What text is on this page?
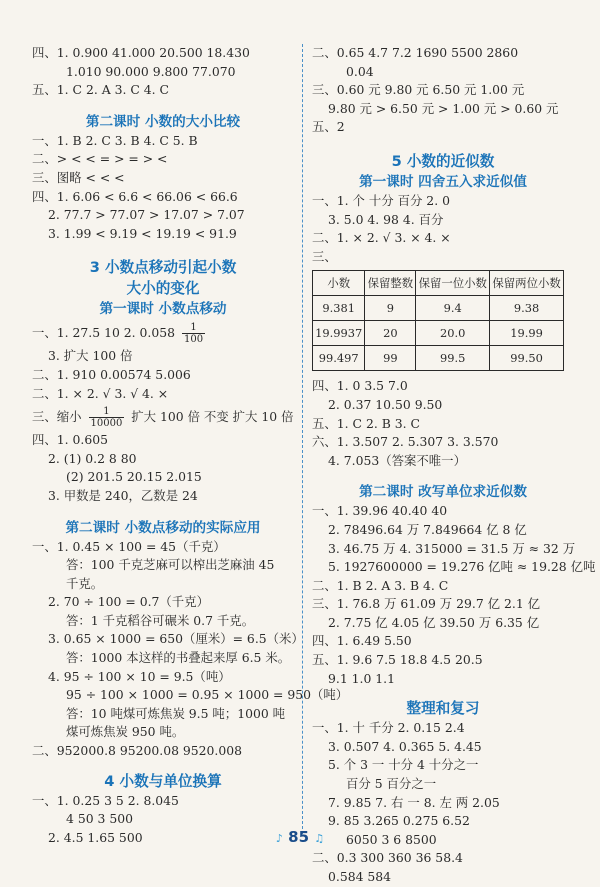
四、1. 0.900 41.000 20.500 18.430
1.010 90.000 9.800 77.070
五、1. C 2. A 3. C 4. C
第二课时 小数的大小比较
一、1. B 2. C 3. B 4. C 5. B
二、> < < = > = > <
三、图略 < < <
四、1. 6.06 < 6.6 < 66.06 < 66.6
2. 77.7 > 77.07 > 17.07 > 7.07
3. 1.99 < 9.19 < 19.19 < 91.9
3 小数点移动引起小数
大小的变化
第一课时 小数点移动
一、1. 27.5 10 2. $0.058 \frac{1}{100}$
3. 扩大 100 倍
二、1. 910 0.00574 5.006
二、1. × 2. √ 3. √ 4. ×
三、缩小 $\frac{1}{10000}$ 扩大 100 倍 不变 扩大 10 倍
四、1. 0.605
2. (1) 0.2 8 80
(2) 201.5 20.15 2.015
3. 甲数是 240，乙数是 24
第二课时 小数点移动的实际应用
一、1. 0.45 × 100 = 45（千克）
答：100 千克芝麻可以榨出芝麻油 45
千克。
2. 70 ÷ 100 = 0.7（千克）
答：1 千克稻谷可碾米 0.7 千克。
3. 0.65 × 1000 = 650（厘米）= 6.5（米）
答：1000 本这样的书叠起来厚 6.5 米。
4. 95 ÷ 100 × 10 = 9.5（吨）
95 ÷ 100 × 1000 = 0.95 × 1000 = 950（吨）
答：10 吨煤可炼焦炭 9.5 吨；1000 吨
煤可炼焦炭 950 吨。
二、952000.8 95200.08 9520.008
4 小数与单位换算
一、1. 0.25 3 5 2. 8.045
4 50 3 500
2. 4.5 1.65 500
二、0.65 4.7 7.2 1690 5500 2860
0.04
三、0.60 元 9.80 元 6.50 元 1.00 元
9.80 元 > 6.50 元 > 1.00 元 > 0.60 元
五、2
5 小数的近似数
第一课时 四舍五入求近似值
一、1. 个 十分 百分 2. 0
3. 5.0 4. 98 4. 百分
二、1. × 2. √ 3. × 4. ×
三、
小数	保留整数	保留一位小数	保留两位小数
9.381	9	9.4	9.38
19.9937	20	20.0	19.99
99.497	99	99.5	99.50
四、1. 0 3.5 7.0
2. 0.37 10.50 9.50
五、1. C 2. B 3. C
六、1. 3.507 2. 5.307 3. 3.570
4. 7.053（答案不唯一）
第二课时 改写单位求近似数
一、1. 39.96 40.40 40
2. 78496.64 万 7.849664 亿 8 亿
3. 46.75 万 4. 315000 = 31.5 万 ≈ 32 万
5. 1927600000 = 19.276 亿吨 ≈ 19.28 亿吨
二、1. B 2. A 3. B 4. C
三、1. 76.8 万 61.09 万 29.7 亿 2.1 亿
2. 7.75 亿 4.05 亿 39.50 万 6.35 亿
四、1. 6.49 5.50
五、1. 9.6 7.5 18.8 4.5 20.5
9.1 1.0 1.1
整理和复习
一、1. 十 千分 2. 0.15 2.4
3. 0.507 4. 0.365 5. 4.45
5. 个 3 一 十分 4 十分之一
百分 5 百分之一
7. 9.85 7. 右 一 8. 左 两 2.05
9. 85 3.265 0.275 6.52
6050 3 6 8500
二、0.3 300 360 36 58.4
0.584 584
♪ 85 ♫
